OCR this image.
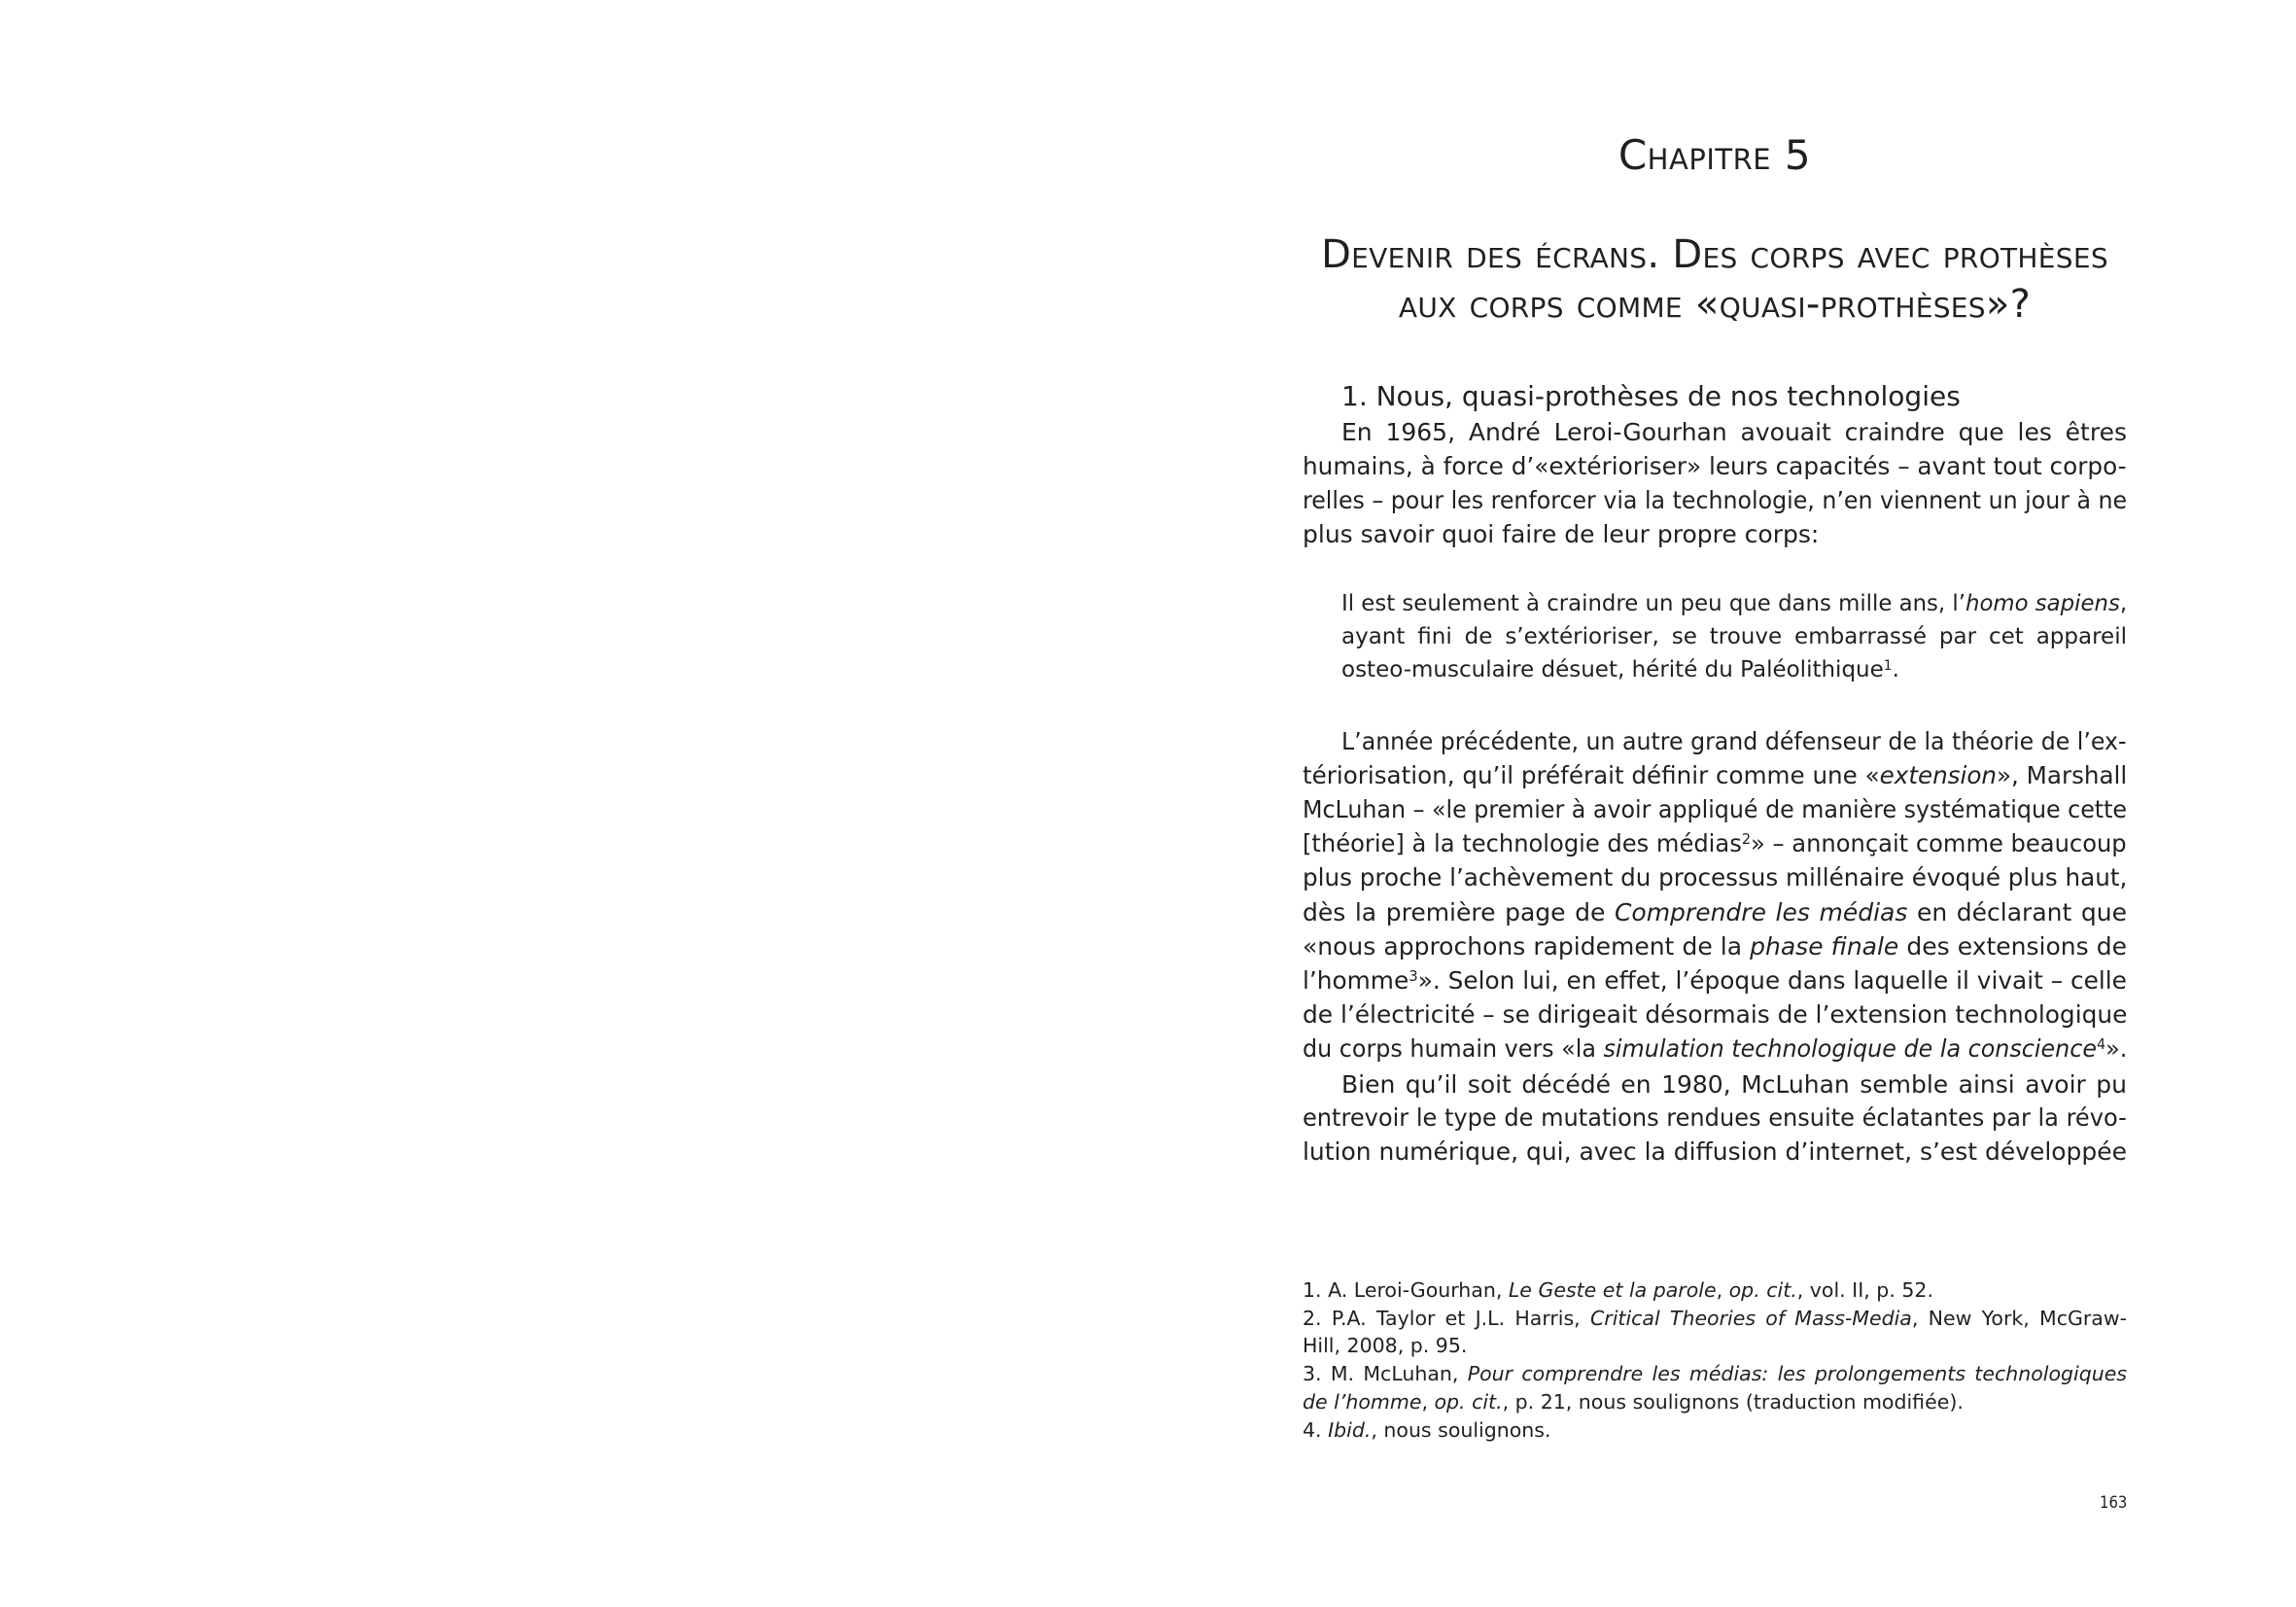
Chapitre 5
Devenir des écrans. Des corps avec prothèses
aux corps comme «quasi-prothèses»?
1. Nous, quasi-prothèses de nos technologies
En 1965, André Leroi-Gourhan avouait craindre que les êtres
humains, à force d’«extérioriser» leurs capacités – avant tout corpo-
relles – pour les renforcer via la technologie, n’en viennent un jour à ne
plus savoir quoi faire de leur propre corps:
Il est seulement à craindre un peu que dans mille ans, l’homo sapiens,
ayant fini de s’extérioriser, se trouve embarrassé par cet appareil
osteo-musculaire désuet, hérité du Paléolithique$^1$.
L’année précédente, un autre grand défenseur de la théorie de l’ex-
tériorisation, qu’il préférait définir comme une «extension», Marshall
McLuhan – «le premier à avoir appliqué de manière systématique cette
[théorie] à la technologie des médias$^2$» – annonçait comme beaucoup
plus proche l’achèvement du processus millénaire évoqué plus haut,
dès la première page de Comprendre les médias en déclarant que
«nous approchons rapidement de la phase finale des extensions de
l’homme$^3$». Selon lui, en effet, l’époque dans laquelle il vivait – celle
de l’électricité – se dirigeait désormais de l’extension technologique
du corps humain vers «la simulation technologique de la conscience$^4$».
Bien qu’il soit décédé en 1980, McLuhan semble ainsi avoir pu
entrevoir le type de mutations rendues ensuite éclatantes par la révo-
lution numérique, qui, avec la diffusion d’internet, s’est développée
1. A. Leroi-Gourhan, Le Geste et la parole, op. cit., vol. II, p. 52.
2. P.A. Taylor et J.L. Harris, Critical Theories of Mass-Media, New York, McGraw-
Hill, 2008, p. 95.
3. M. McLuhan, Pour comprendre les médias: les prolongements technologiques
de l’homme, op. cit., p. 21, nous soulignons (traduction modifiée).
4. Ibid., nous soulignons.
163
